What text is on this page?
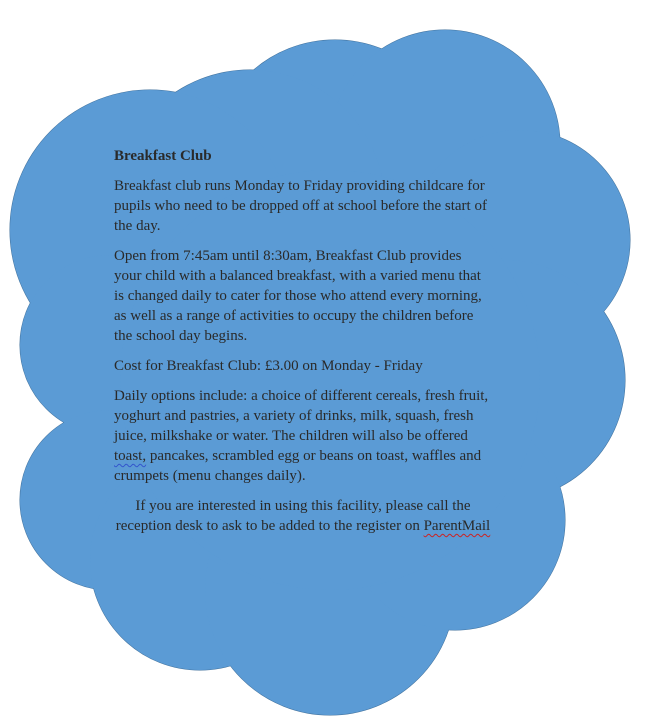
Breakfast Club

Breakfast club runs Monday to Friday providing childcare for pupils who need to be dropped off at school before the start of the day.

Open from 7:45am until 8:30am, Breakfast Club provides your child with a balanced breakfast, with a varied menu that is changed daily to cater for those who attend every morning, as well as a range of activities to occupy the children before the school day begins.

Cost for Breakfast Club: £3.00 on Monday - Friday

Daily options include: a choice of different cereals, fresh fruit, yoghurt and pastries, a variety of drinks, milk, squash, fresh juice, milkshake or water. The children will also be offered toast, pancakes, scrambled egg or beans on toast, waffles and crumpets (menu changes daily).

If you are interested in using this facility, please call the reception desk to ask to be added to the register on ParentMail
